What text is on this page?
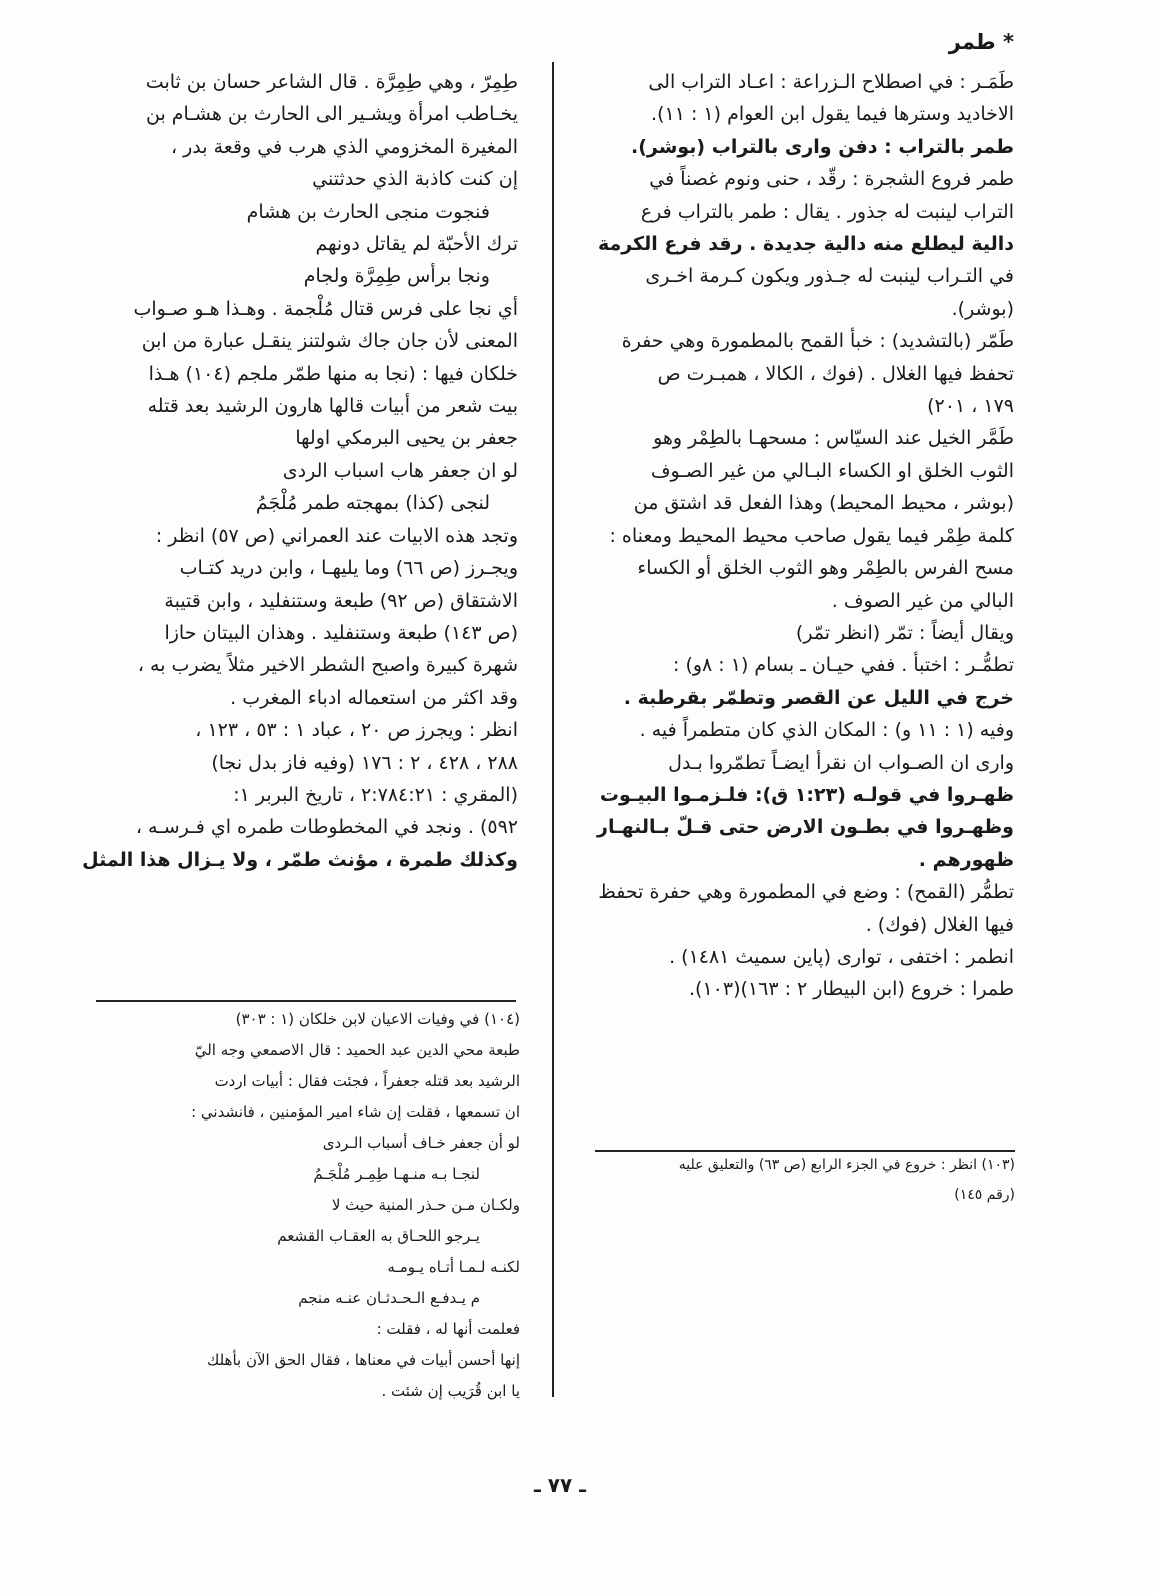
* طمر
طَمَـر : في اصطلاح الـزراعة : اعـاد التراب الى
الاخاديد وسترها فيما يقول ابن العوام (١ : ١١).
طمر بالتراب : دفن وارى بالتراب (بوشر).
طمر فروع الشجرة : رقّد ، حنى ونوم غصناً في
التراب لينبت له جذور . يقال : طمر بالتراب فرع
دالية ليطلع منه دالية جديدة . رقد فرع الكرمة
في التـراب لينبت له جـذور ويكون كـرمة اخـرى
(بوشر).
طَمّر (بالتشديد) : خبأ القمح بالمطمورة وهي حفرة
تحفظ فيها الغلال . (فوك ، الكالا ، همبـرت ص
١٧٩ ، ٢٠١)
طَمَّر الخيل عند السيّاس : مسحهـا بالطِمْر وهو
الثوب الخلق او الكساء البـالي من غير الصـوف
(بوشر ، محيط المحيط) وهذا الفعل قد اشتق من
كلمة طِمْر فيما يقول صاحب محيط المحيط ومعناه :
مسح الفرس بالطِمْر وهو الثوب الخلق أو الكساء
البالي من غير الصوف .
ويقال أيضاً : تمّر (انظر تمّر)
تطمُّـر : اختبأ . ففي حيـان ـ بسام (١ : ٨و) :
خرج في الليل عن القصر وتطمّر بقرطبة .
وفيه (١ : ١١ و) : المكان الذي كان متطمراً فيه .
وارى ان الصـواب ان نقرأ ايضـاً تطمّروا بـدل
ظهـروا في قولـه (١:٢٣ ق): فلـزمـوا البيـوت
وظهـروا في بطـون الارض حتى قـلّ بـالنهـار
ظهورهم .
تطمُّر (القمح) : وضع في المطمورة وهي حفرة تحفظ
فيها الغلال (فوك) .
انطمر : اختفى ، توارى (پاين سميث ١٤٨١) .
طمرا : خروع (ابن البيطار ٢ : ١٦٣)(١٠٣).
طِمِرّ ، وهي طِمِرَّة . قال الشاعر حسان بن ثابت
يخـاطب امرأة ويشـير الى الحارث بن هشـام بن
المغيرة المخزومي الذي هرب في وقعة بدر ،
إن كنت كاذبة الذي حدثتني
فنجوت منجى الحارث بن هشام
ترك الأحبّة لم يقاتل دونهم
ونجا برأس طِمِرَّة ولجام
أي نجا على فرس قتال مُلْجمة . وهـذا هـو صـواب
المعنى لأن جان جاك شولتنز ينقـل عبارة من ابن
خلكان فيها : (نجا به منها طمّر ملجم (١٠٤) هـذا
بيت شعر من أبيات قالها هارون الرشيد بعد قتله
جعفر بن يحيى البرمكي اولها
لو ان جعفر هاب اسباب الردى
لنجى (كذا) بمهجته طمر مُلْجَمُ
وتجد هذه الابيات عند العمراني (ص ٥٧) انظر :
ويجـرز (ص ٦٦) وما يليهـا ، وابن دريد كتـاب
الاشتقاق (ص ٩٢) طبعة وستنفليد ، وابن قتيبة
(ص ١٤٣) طبعة وستنفليد . وهذان البيتان حازا
شهرة كبيرة واصبح الشطر الاخير مثلاً يضرب به ،
وقد اكثر من استعماله ادباء المغرب .
انظر : ويجرز ص ٢٠ ، عباد ١ : ٥٣ ، ١٢٣ ،
٢٨٨ ، ٤٢٨ ، ٢ : ١٧٦ (وفيه فاز بدل نجا)
(المقري : ٢:٧٨٤:٢١ ، تاريخ البربر ١:
٥٩٢) . ونجد في المخطوطات طمره اي فـرسـه ،
وكذلك طمرة ، مؤنث طمّر ، ولا يـزال هذا المثل
(١٠٤) في وفيات الاعيان لابن خلكان (١ : ٣٠٣)
طبعة محي الدين عبد الحميد : قال الاصمعي وجه اليّ
الرشيد بعد قتله جعفراً ، فجئت فقال : أبيات اردت
ان تسمعها ، فقلت إن شاء امير المؤمنين ، فانشدني :
لو أن جعفر خـاف أسباب الـردى
لنجـا بـه منـهـا طِمِـر مُلْجَـمُ
ولكـان مـن حـذر المنية حيث لا
يـرجو اللحـاق به العقـاب القشعم
لكنـه لـمـا أتـاه يـومـه
م يـدفـع الـحـدثـان عنـه منجم
فعلمت أنها له ، فقلت :
إنها أحسن أبيات في معناها ، فقال الحق الآن بأهلك
يا ابن قُرَيب إن شئت .
(١٠٣) انظر : خروع في الجزء الرابع (ص ٦٣) والتعليق عليه
(رقم ١٤٥)
ـ ٧٧ ـ
